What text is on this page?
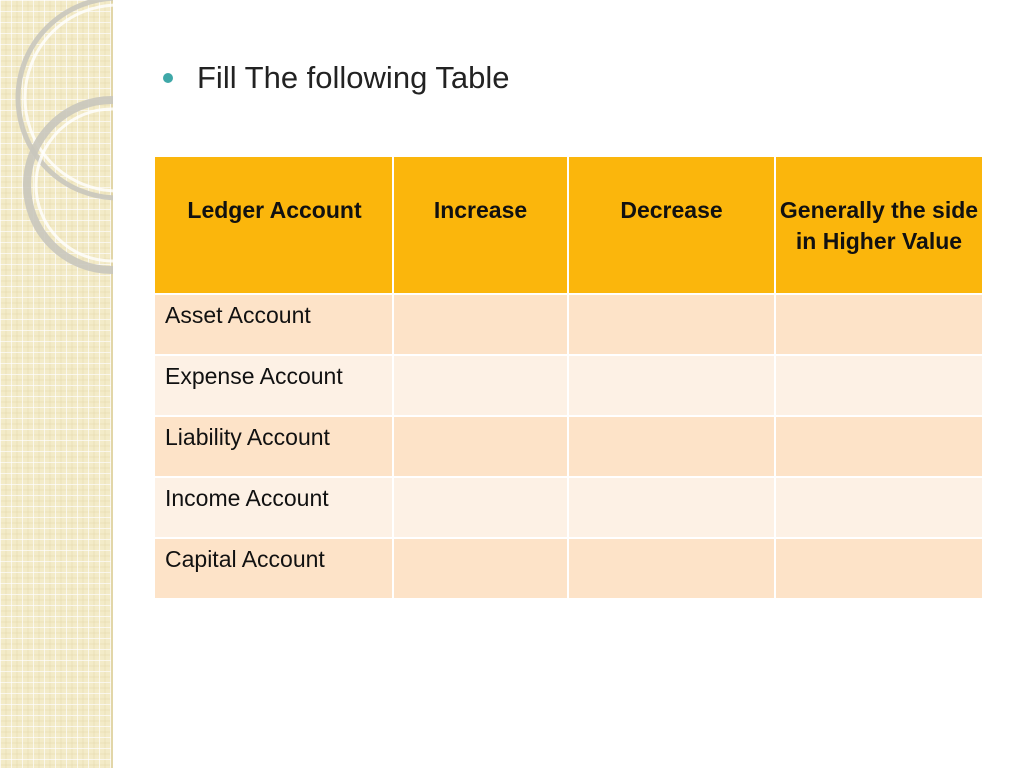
Fill The following Table
Ledger Account	Increase	Decrease	Generally the side in Higher Value

Asset Account			

Expense Account			

Liability Account			

Income Account			

Capital Account			
